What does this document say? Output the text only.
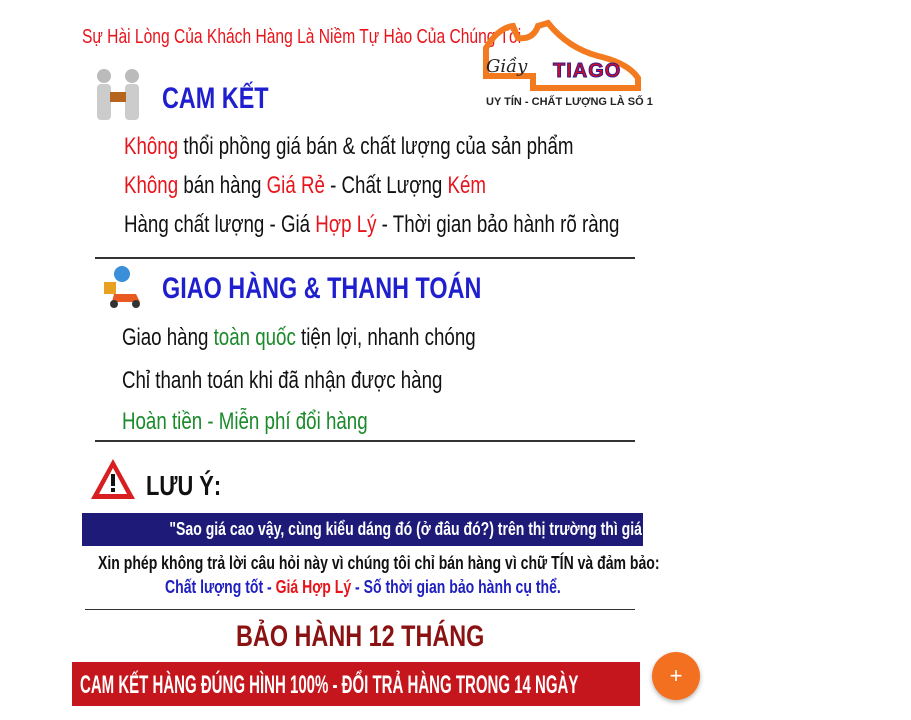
Sự Hài Lòng Của Khách Hàng Là Niềm Tự Hào Của Chúng Tôi
Giầy TIAGO
UY TÍN - CHẤT LƯỢNG LÀ SỐ 1
CAM KẾT
Không thổi phồng giá bán & chất lượng của sản phẩm
Không bán hàng Giá Rẻ - Chất Lượng Kém
Hàng chất lượng - Giá Hợp Lý - Thời gian bảo hành rõ ràng
GIAO HÀNG & THANH TOÁN
Giao hàng toàn quốc tiện lợi, nhanh chóng
Chỉ thanh toán khi đã nhận được hàng
Hoàn tiền - Miễn phí đổi hàng
LƯU Ý:
"Sao giá cao vậy, cùng kiểu dáng đó (ở đâu đó?) trên thị trường thì giá chỉ rẻ bằng 1/2 thôi?"
Xin phép không trả lời câu hỏi này vì chúng tôi chỉ bán hàng vì chữ TÍN và đảm bảo:
Chất lượng tốt - Giá Hợp Lý - Số thời gian bảo hành cụ thể.
BẢO HÀNH 12 THÁNG
CAM KẾT HÀNG ĐÚNG HÌNH 100% - ĐỔI TRẢ HÀNG TRONG 14 NGÀY	+
